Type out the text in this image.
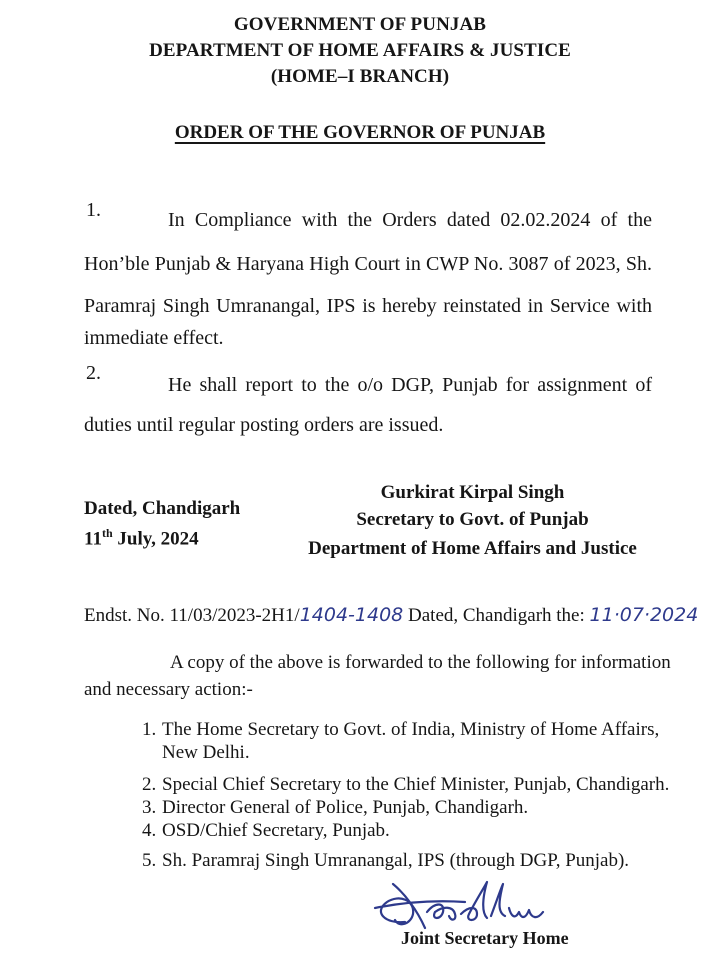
GOVERNMENT OF PUNJAB
DEPARTMENT OF HOME AFFAIRS & JUSTICE
(HOME–I BRANCH)
ORDER OF THE GOVERNOR OF PUNJAB
1.	In Compliance with the Orders dated 02.02.2024 of the
Hon’ble Punjab & Haryana High Court in CWP No. 3087 of 2023, Sh.
Paramraj Singh Umranangal, IPS is hereby reinstated in Service with
immediate effect.
2.
He shall report to the o/o DGP, Punjab for assignment of
duties until regular posting orders are issued.
Dated, Chandigarh
11th July, 2024
Gurkirat Kirpal Singh
Secretary to Govt. of Punjab
Department of Home Affairs and Justice
Endst. No. 11/03/2023-2H1/1404-1408 Dated, Chandigarh the: 11·07·2024
A copy of the above is forwarded to the following for information
and necessary action:-
1. The Home Secretary to Govt. of India, Ministry of Home Affairs,
New Delhi.
2. Special Chief Secretary to the Chief Minister, Punjab, Chandigarh.
3. Director General of Police, Punjab, Chandigarh.
4. OSD/Chief Secretary, Punjab.
5. Sh. Paramraj Singh Umranangal, IPS (through DGP, Punjab).
Joint Secretary Home
